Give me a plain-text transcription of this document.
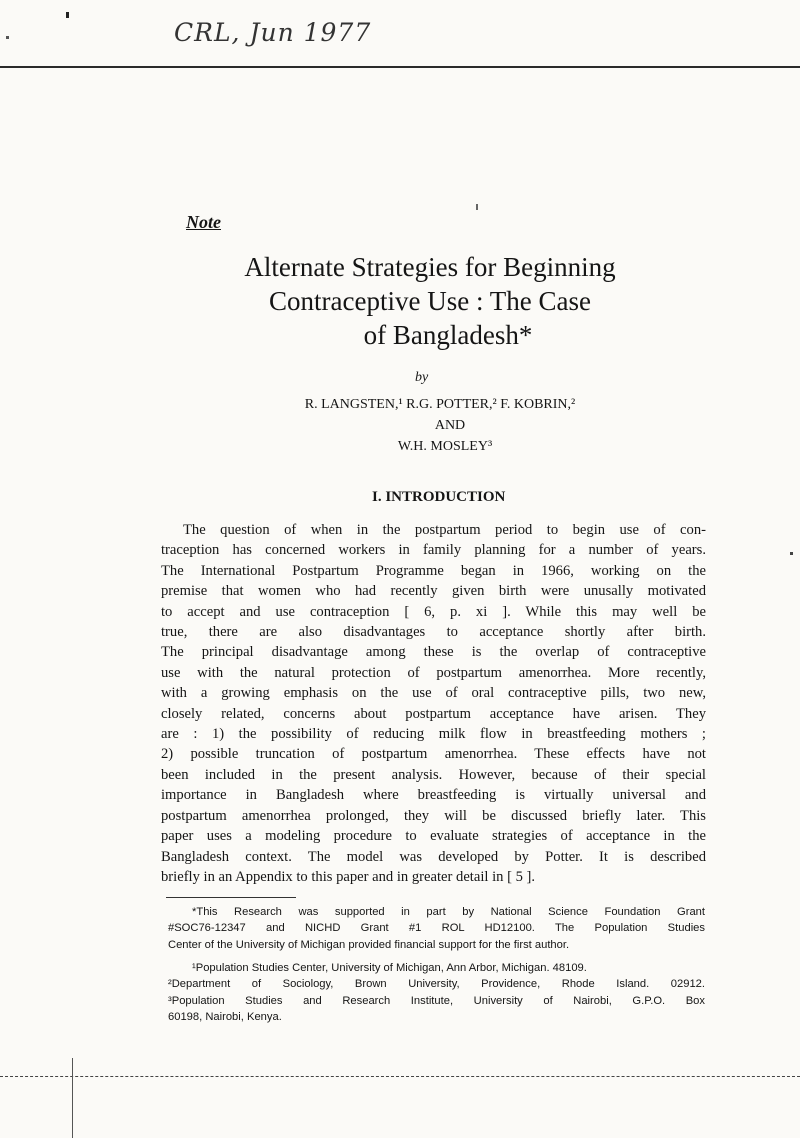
CRL, Jun 1977
Note
Alternate Strategies for Beginning
Contraceptive Use : The Case
of Bangladesh*
by
R. LANGSTEN,¹ R.G. POTTER,² F. KOBRIN,²
AND
W.H. MOSLEY³
I. INTRODUCTION
The question of when in the postpartum period to begin use of con-
traception has concerned workers in family planning for a number of years.
The International Postpartum Programme began in 1966, working on the
premise that women who had recently given birth were unusally motivated
to accept and use contraception [ 6, p. xi ]. While this may well be
true, there are also disadvantages to acceptance shortly after birth.
The principal disadvantage among these is the overlap of contraceptive
use with the natural protection of postpartum amenorrhea. More recently,
with a growing emphasis on the use of oral contraceptive pills, two new,
closely related, concerns about postpartum acceptance have arisen. They
are : 1) the possibility of reducing milk flow in breastfeeding mothers ;
2) possible truncation of postpartum amenorrhea. These effects have not
been included in the present analysis. However, because of their special
importance in Bangladesh where breastfeeding is virtually universal and
postpartum amenorrhea prolonged, they will be discussed briefly later. This
paper uses a modeling procedure to evaluate strategies of acceptance in the
Bangladesh context. The model was developed by Potter. It is described
briefly in an Appendix to this paper and in greater detail in [ 5 ].
*This Research was supported in part by National Science Foundation Grant
#SOC76-12347 and NICHD Grant #1 ROL HD12100. The Population Studies
Center of the University of Michigan provided financial support for the first author.
¹Population Studies Center, University of Michigan, Ann Arbor, Michigan. 48109.
²Department of Sociology, Brown University, Providence, Rhode Island. 02912.
³Population Studies and Research Institute, University of Nairobi, G.P.O. Box
60198, Nairobi, Kenya.
